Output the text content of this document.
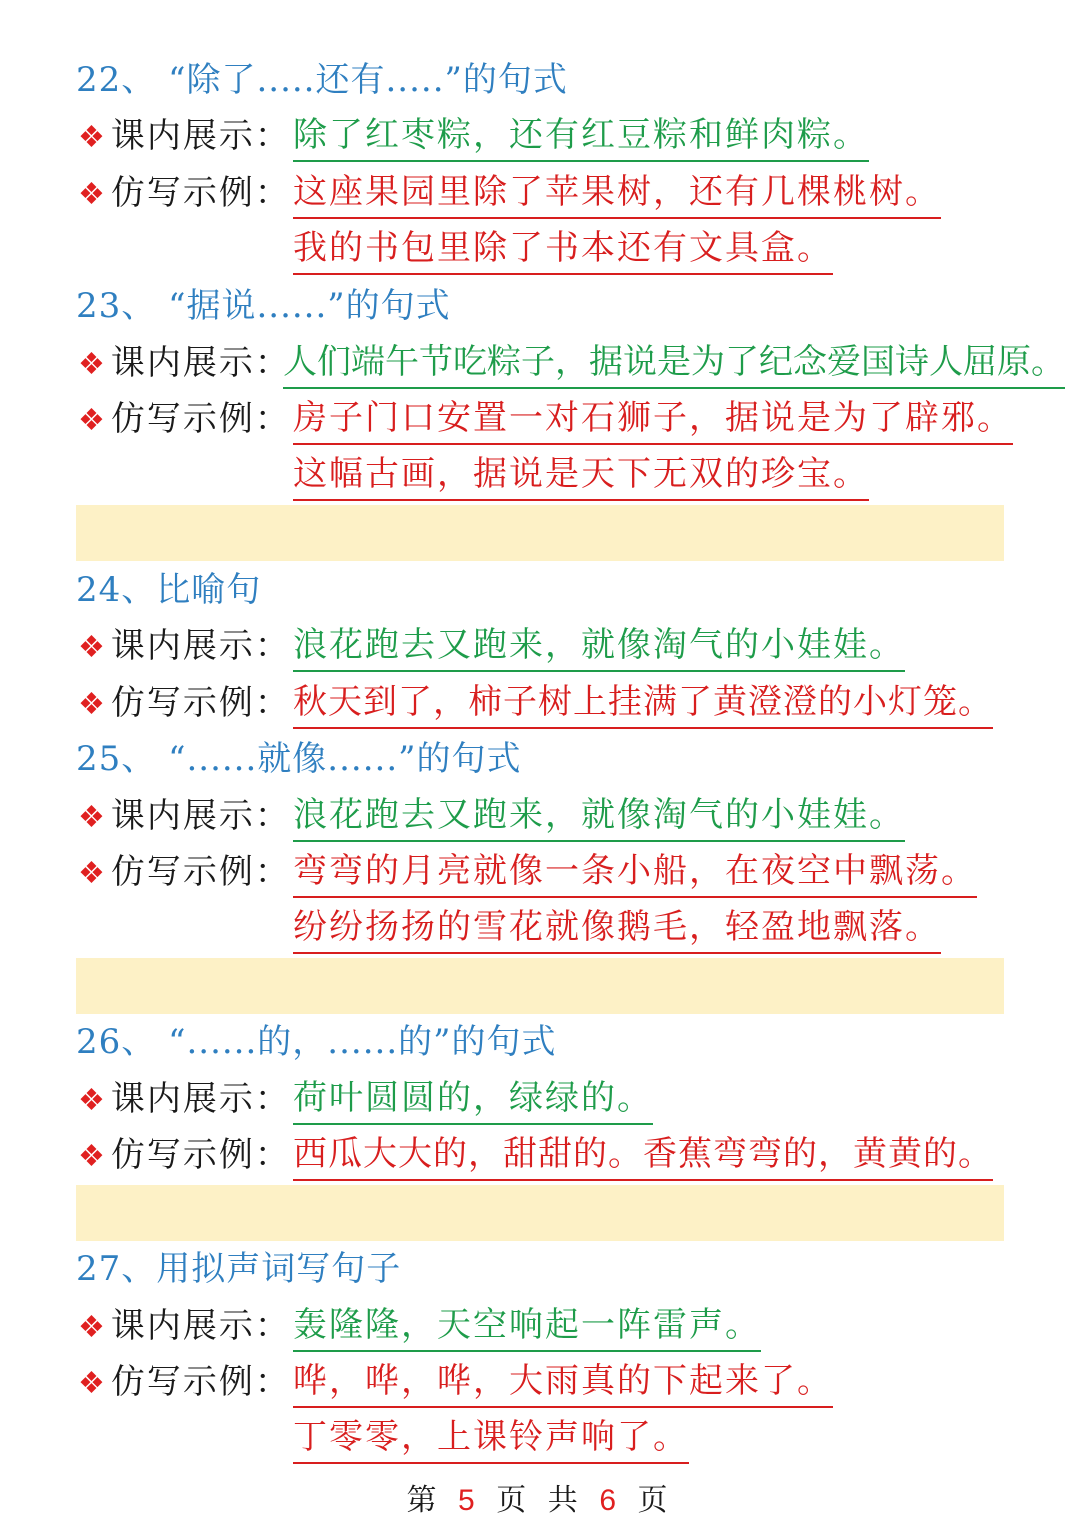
22、 “除了.....还有.....”的句式
❖ 课内展示： 除了红枣粽，还有红豆粽和鲜肉粽。
❖ 仿写示例： 这座果园里除了苹果树，还有几棵桃树。
我的书包里除了书本还有文具盒。
23、 “据说......”的句式
❖ 课内展示：
人们端午节吃粽子，据说是为了纪念爱国诗人屈原。
❖ 仿写示例： 房子门口安置一对石狮子，据说是为了辟邪。
这幅古画，据说是天下无双的珍宝。
24、比喻句
❖ 课内展示： 浪花跑去又跑来，就像淘气的小娃娃。
❖ 仿写示例： 秋天到了，柿子树上挂满了黄澄澄的小灯笼。
25、 “......就像......”的句式
❖ 课内展示： 浪花跑去又跑来，就像淘气的小娃娃。
❖ 仿写示例： 弯弯的月亮就像一条小船，在夜空中飘荡。
纷纷扬扬的雪花就像鹅毛，轻盈地飘落。
26、 “......的，......的”的句式
❖ 课内展示： 荷叶圆圆的，绿绿的。
❖ 仿写示例： 西瓜大大的，甜甜的。香蕉弯弯的，黄黄的。
27、用拟声词写句子
❖ 课内展示： 轰隆隆，天空响起一阵雷声。
❖ 仿写示例： 哗，哗，哗，大雨真的下起来了。
丁零零，上课铃声响了。
第 5 页 共 6 页
